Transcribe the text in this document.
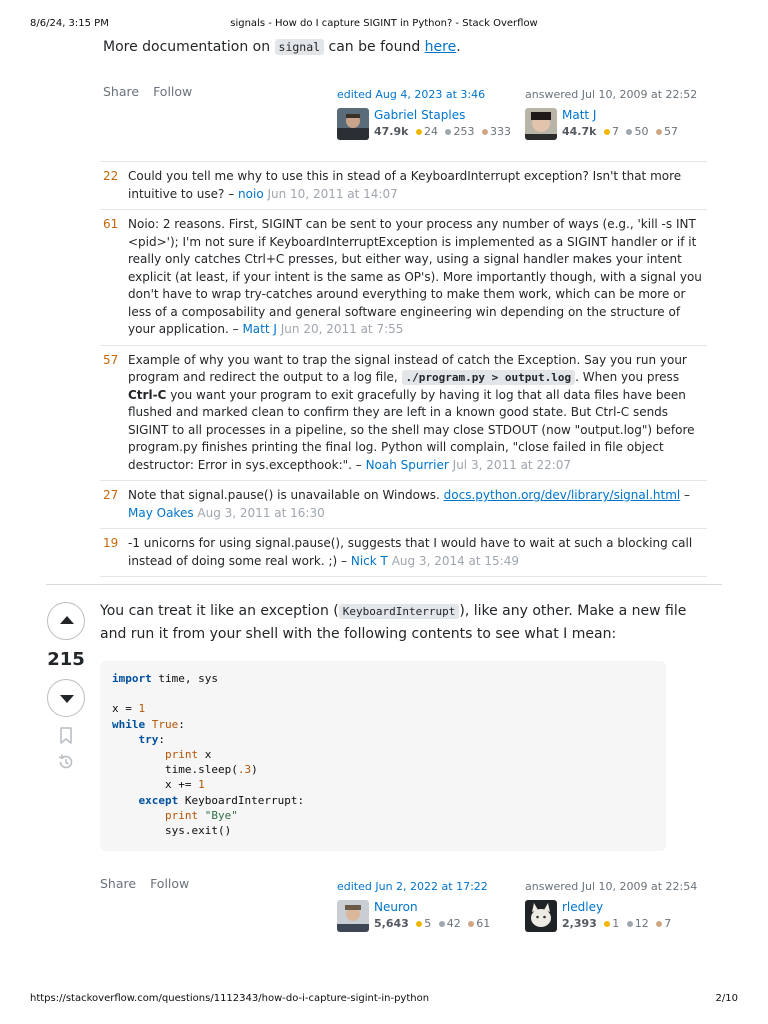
8/6/24, 3:15 PM	signals - How do I capture SIGINT in Python? - Stack Overflow
More documentation on signal can be found here.
Share Follow	edited Aug 4, 2023 at 3:46
Gabriel Staples
47.9k 24 253 333
answered Jul 10, 2009 at 22:52
Matt J
44.7k 7 50 57
22 Could you tell me why to use this in stead of a KeyboardInterrupt exception? Isn't that more intuitive to use? – noio Jun 10, 2011 at 14:07
61 Noio: 2 reasons. First, SIGINT can be sent to your process any number of ways (e.g., 'kill -s INT <pid>'); I'm not sure if KeyboardInterruptException is implemented as a SIGINT handler or if it really only catches Ctrl+C presses, but either way, using a signal handler makes your intent explicit (at least, if your intent is the same as OP's). More importantly though, with a signal you don't have to wrap try-catches around everything to make them work, which can be more or less of a composability and general software engineering win depending on the structure of your application. – Matt J Jun 20, 2011 at 7:55
57 Example of why you want to trap the signal instead of catch the Exception. Say you run your program and redirect the output to a log file, ./program.py > output.log . When you press Ctrl-C you want your program to exit gracefully by having it log that all data files have been flushed and marked clean to confirm they are left in a known good state. But Ctrl-C sends SIGINT to all processes in a pipeline, so the shell may close STDOUT (now "output.log") before program.py finishes printing the final log. Python will complain, "close failed in file object destructor: Error in sys.excepthook:". – Noah Spurrier Jul 3, 2011 at 22:07
27 Note that signal.pause() is unavailable on Windows. docs.python.org/dev/library/signal.html – May Oakes Aug 3, 2011 at 16:30
19 -1 unicorns for using signal.pause(), suggests that I would have to wait at such a blocking call instead of doing some real work. ;) – Nick T Aug 3, 2014 at 15:49
215
You can treat it like an exception ( KeyboardInterrupt ), like any other. Make a new file and run it from your shell with the following contents to see what I mean:
import time, sys

x = 1
while True:
try:
print x
time.sleep(.3)
x += 1
except KeyboardInterrupt:
print "Bye"
sys.exit()
Share Follow	edited Jun 2, 2022 at 17:22
Neuron
5,643 5 42 61
answered Jul 10, 2009 at 22:54
rledley
2,393 1 12 7
https://stackoverflow.com/questions/1112343/how-do-i-capture-sigint-in-python	2/10
